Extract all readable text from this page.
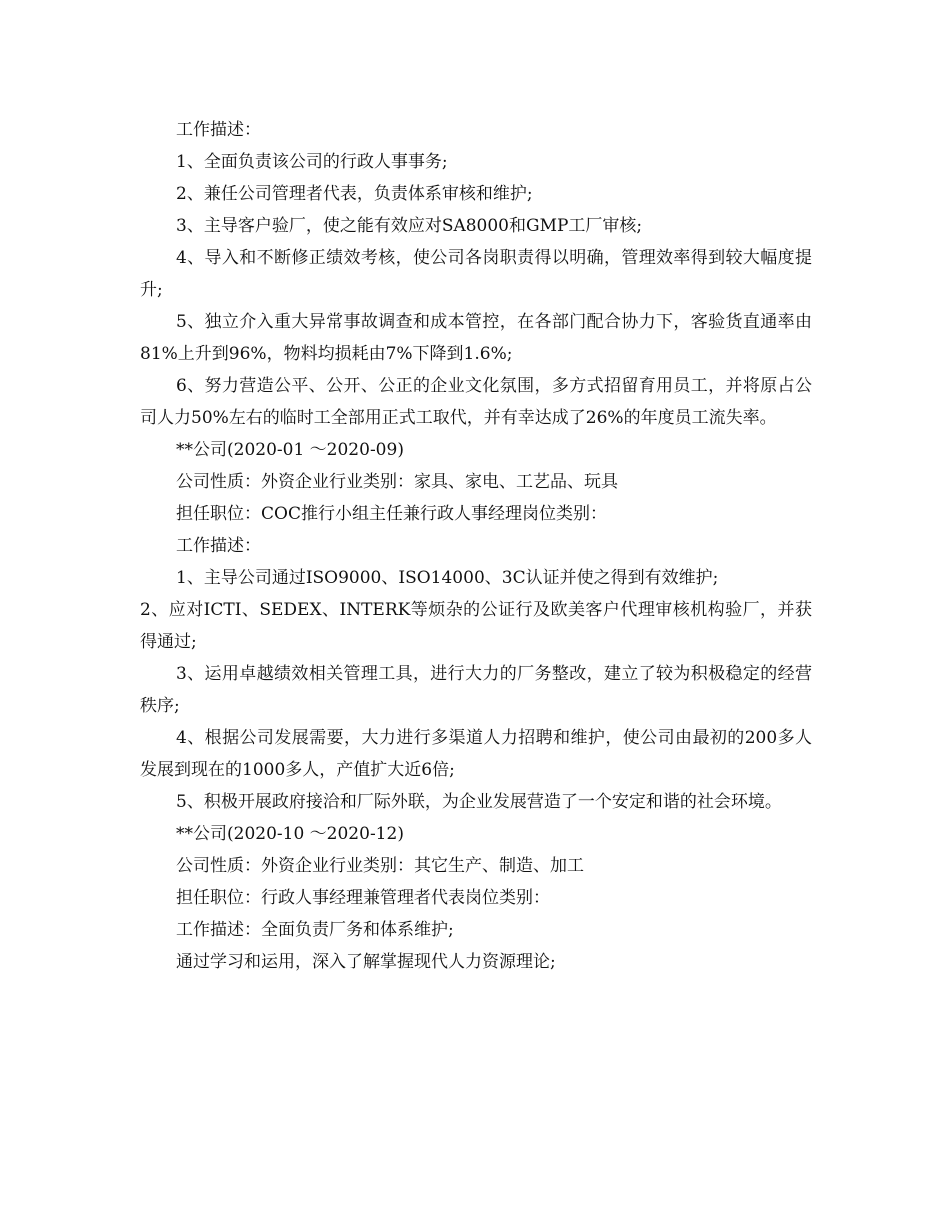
工作描述：

1、全面负责该公司的行政人事事务;

2、兼任公司管理者代表，负责体系审核和维护;

3、主导客户验厂，使之能有效应对SA8000和GMP工厂审核;

4、导入和不断修正绩效考核，使公司各岗职责得以明确，管理效率得到较大幅度提升;

5、独立介入重大异常事故调查和成本管控，在各部门配合协力下，客验货直通率由81%上升到96%，物料均损耗由7%下降到1.6%;

6、努力营造公平、公开、公正的企业文化氛围，多方式招留育用员工，并将原占公司人力50%左右的临时工全部用正式工取代，并有幸达成了26%的年度员工流失率。

**公司(2020-01 ～2020-09)

公司性质：外资企业行业类别：家具、家电、工艺品、玩具

担任职位：COC推行小组主任兼行政人事经理岗位类别：

工作描述：

1、主导公司通过ISO9000、ISO14000、3C认证并使之得到有效维护;

2、应对ICTI、SEDEX、INTERK等烦杂的公证行及欧美客户代理审核机构验厂，并获得通过;

3、运用卓越绩效相关管理工具，进行大力的厂务整改，建立了较为积极稳定的经营秩序;

4、根据公司发展需要，大力进行多渠道人力招聘和维护，使公司由最初的200多人发展到现在的1000多人，产值扩大近6倍;

5、积极开展政府接洽和厂际外联，为企业发展营造了一个安定和谐的社会环境。

**公司(2020-10 ～2020-12)

公司性质：外资企业行业类别：其它生产、制造、加工

担任职位：行政人事经理兼管理者代表岗位类别：

工作描述：全面负责厂务和体系维护;

通过学习和运用，深入了解掌握现代人力资源理论;
